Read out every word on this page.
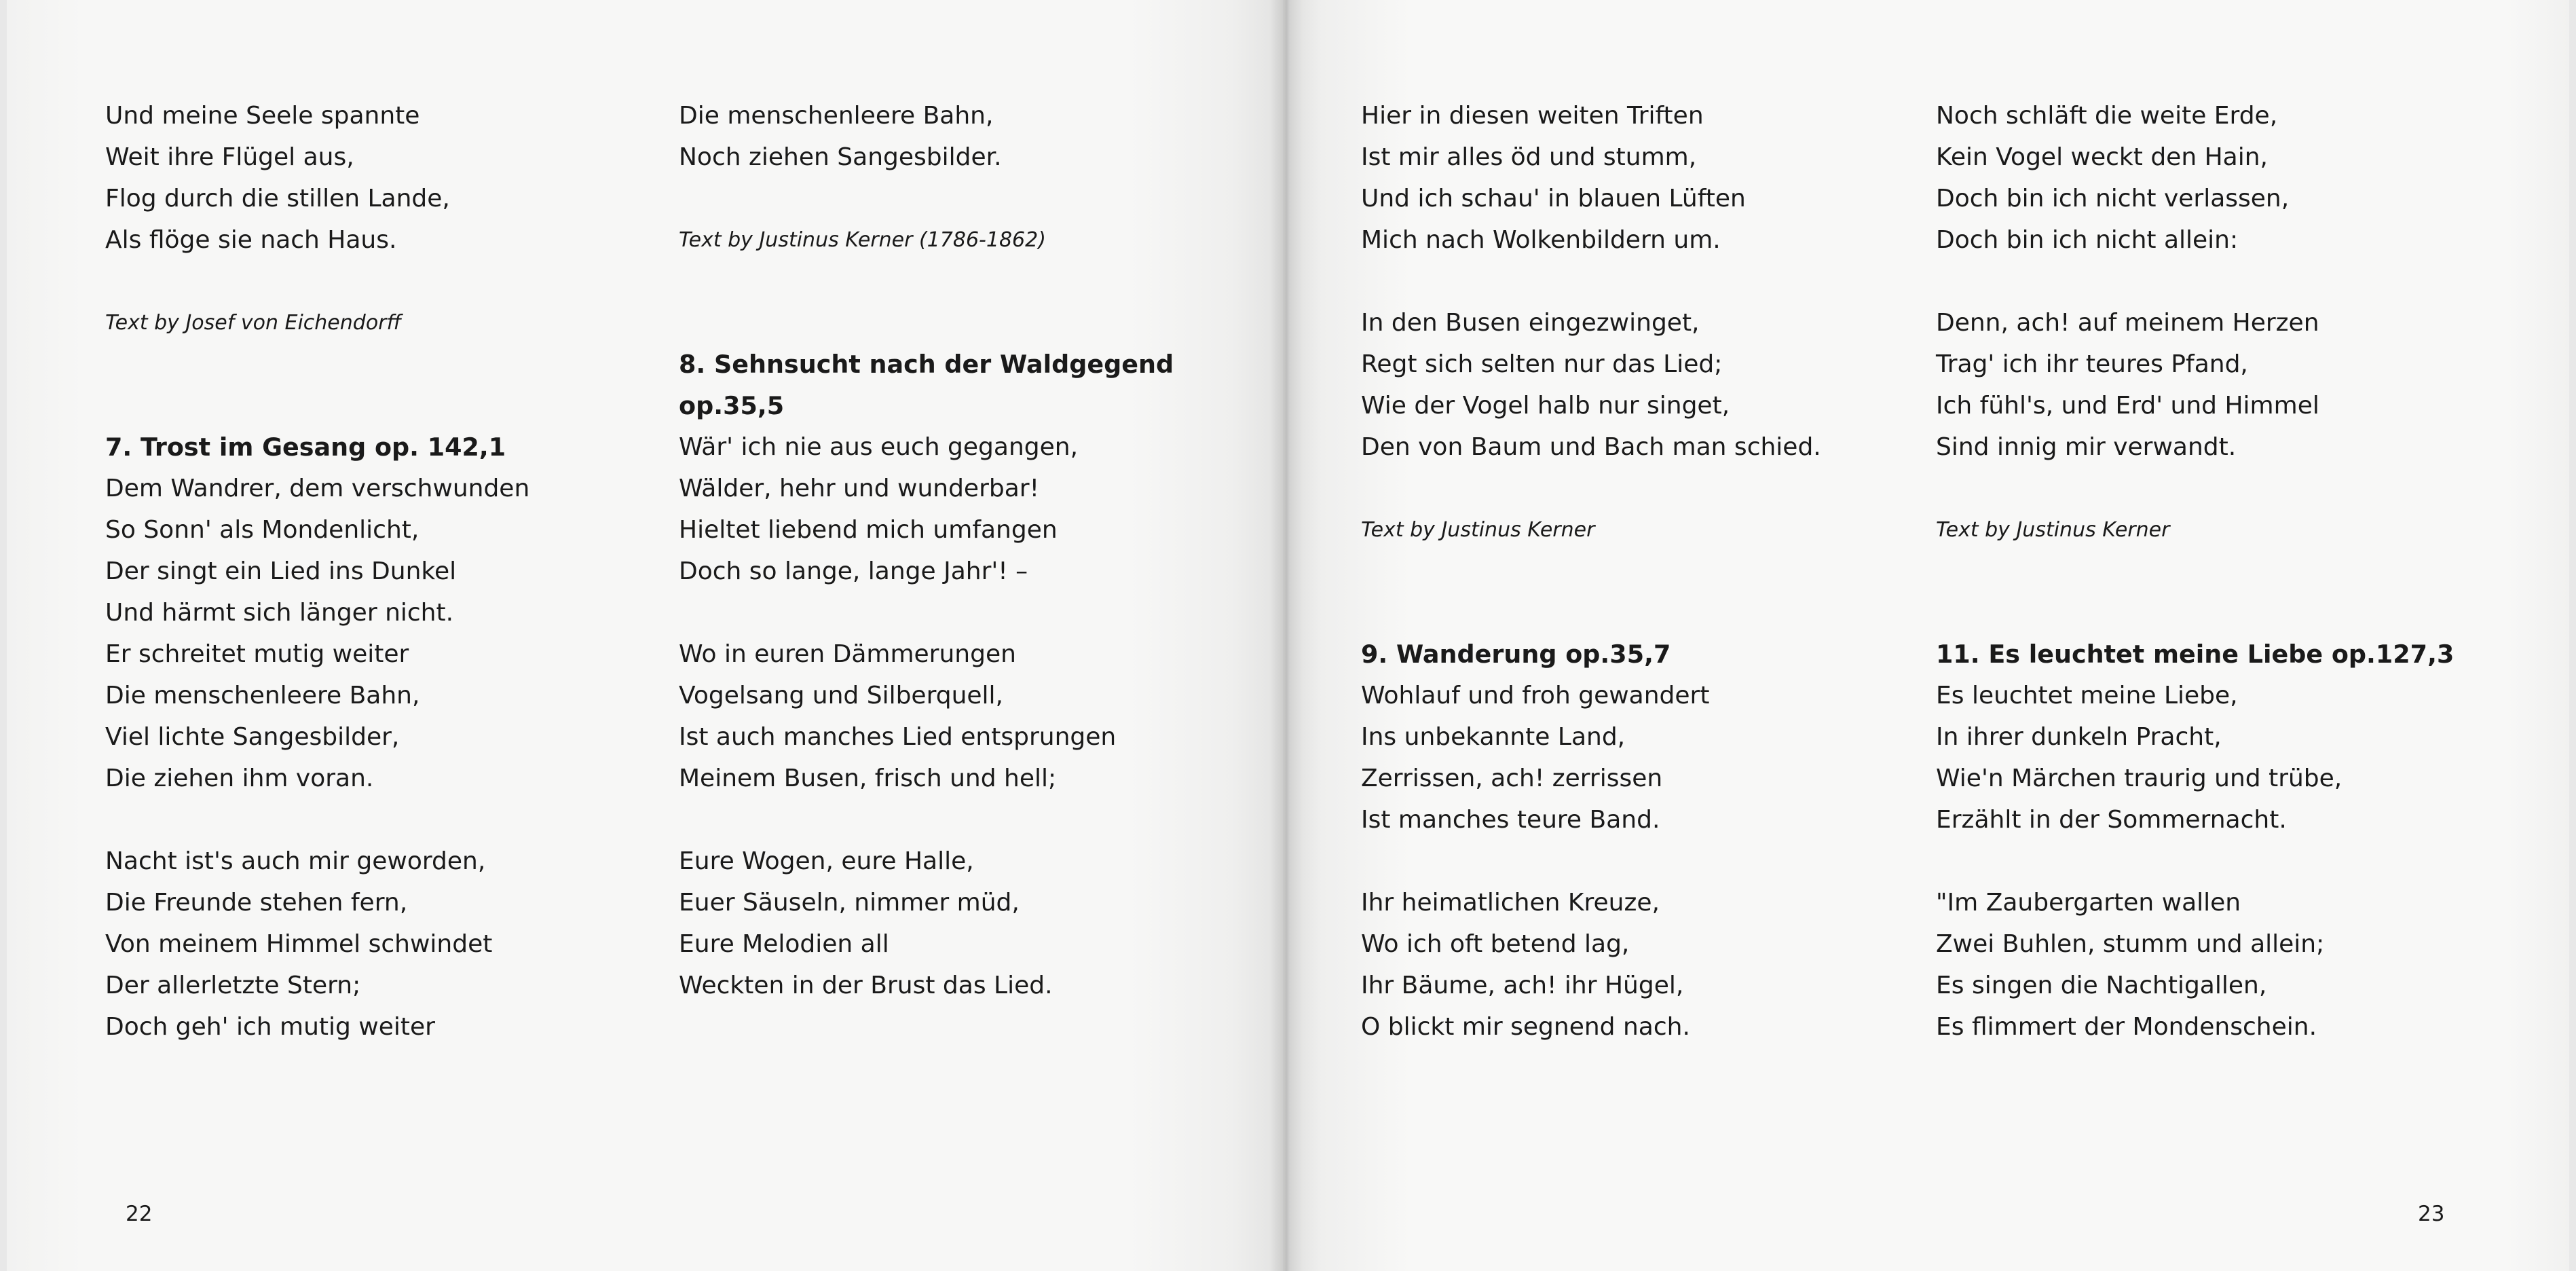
Und meine Seele spannte
Weit ihre Flügel aus,
Flog durch die stillen Lande,
Als flöge sie nach Haus.
Text by Josef von Eichendorff
7. Trost im Gesang op. 142,1
Dem Wandrer, dem verschwunden
So Sonn' als Mondenlicht,
Der singt ein Lied ins Dunkel
Und härmt sich länger nicht.
Er schreitet mutig weiter
Die menschenleere Bahn,
Viel lichte Sangesbilder,
Die ziehen ihm voran.
Nacht ist's auch mir geworden,
Die Freunde stehen fern,
Von meinem Himmel schwindet
Der allerletzte Stern;
Doch geh' ich mutig weiter
Die menschenleere Bahn,
Noch ziehen Sangesbilder.
Text by Justinus Kerner (1786-1862)
8. Sehnsucht nach der Waldgegend
op.35,5
Wär' ich nie aus euch gegangen,
Wälder, hehr und wunderbar!
Hieltet liebend mich umfangen
Doch so lange, lange Jahr'! –
Wo in euren Dämmerungen
Vogelsang und Silberquell,
Ist auch manches Lied entsprungen
Meinem Busen, frisch und hell;
Eure Wogen, eure Halle,
Euer Säuseln, nimmer müd,
Eure Melodien all
Weckten in der Brust das Lied.
22
Hier in diesen weiten Triften
Ist mir alles öd und stumm,
Und ich schau' in blauen Lüften
Mich nach Wolkenbildern um.
In den Busen eingezwinget,
Regt sich selten nur das Lied;
Wie der Vogel halb nur singet,
Den von Baum und Bach man schied.
Text by Justinus Kerner
9. Wanderung op.35,7
Wohlauf und froh gewandert
Ins unbekannte Land,
Zerrissen, ach! zerrissen
Ist manches teure Band.
Ihr heimatlichen Kreuze,
Wo ich oft betend lag,
Ihr Bäume, ach! ihr Hügel,
O blickt mir segnend nach.
Noch schläft die weite Erde,
Kein Vogel weckt den Hain,
Doch bin ich nicht verlassen,
Doch bin ich nicht allein:
Denn, ach! auf meinem Herzen
Trag' ich ihr teures Pfand,
Ich fühl's, und Erd' und Himmel
Sind innig mir verwandt.
Text by Justinus Kerner
11. Es leuchtet meine Liebe op.127,3
Es leuchtet meine Liebe,
In ihrer dunkeln Pracht,
Wie'n Märchen traurig und trübe,
Erzählt in der Sommernacht.
"Im Zaubergarten wallen
Zwei Buhlen, stumm und allein;
Es singen die Nachtigallen,
Es flimmert der Mondenschein.
23
